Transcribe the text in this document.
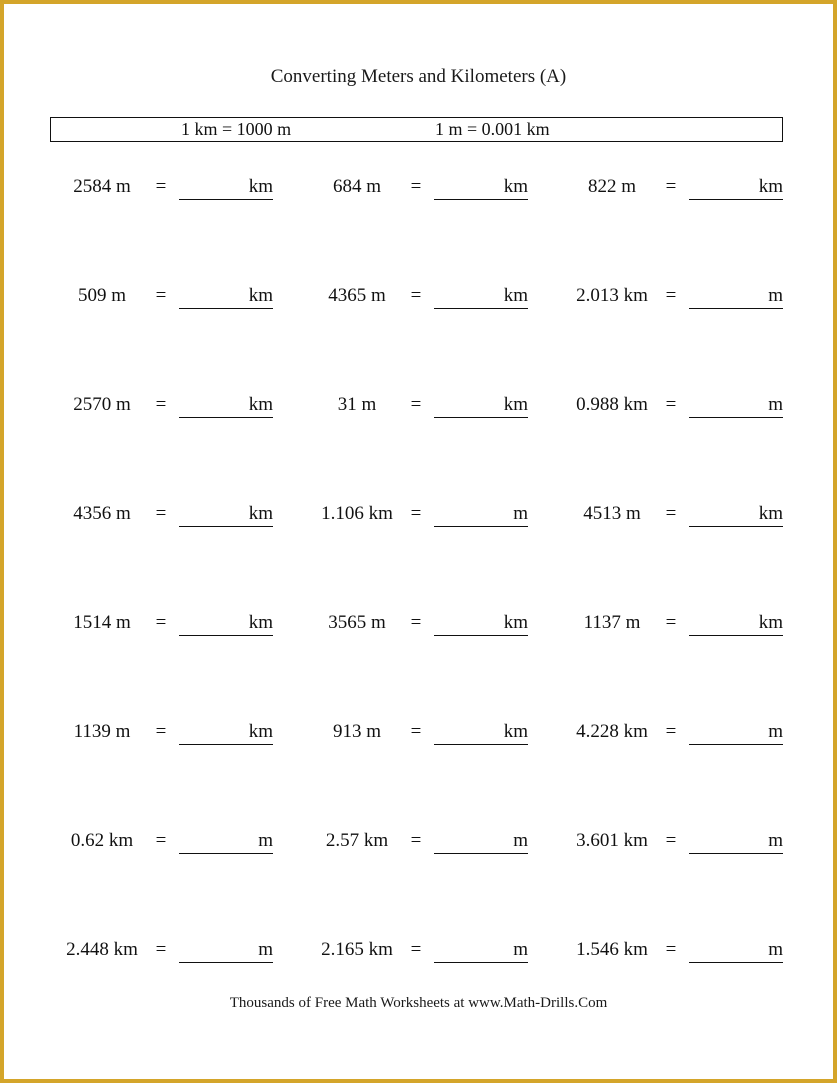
Converting Meters and Kilometers (A)
1 km = 1000 m	1 m = 0.001 km
2584 m	=	km	684 m	=	km	822 m	=	km
509 m	=	km	4365 m	=	km	2.013 km =	m
2570 m	=	km	31 m	=	km	0.988 km =	m
4356 m	=	km	1.106 km =	m	4513 m	=	km
1514 m	=	km	3565 m	=	km	1137 m	=	km
1139 m	=	km	913 m	=	km	4.228 km =	m
0.62 km	=	m	2.57 km	=	m	3.601 km =	m
2.448 km =	m	2.165 km =	m	1.546 km =	m
Thousands of Free Math Worksheets at www.Math-Drills.Com
